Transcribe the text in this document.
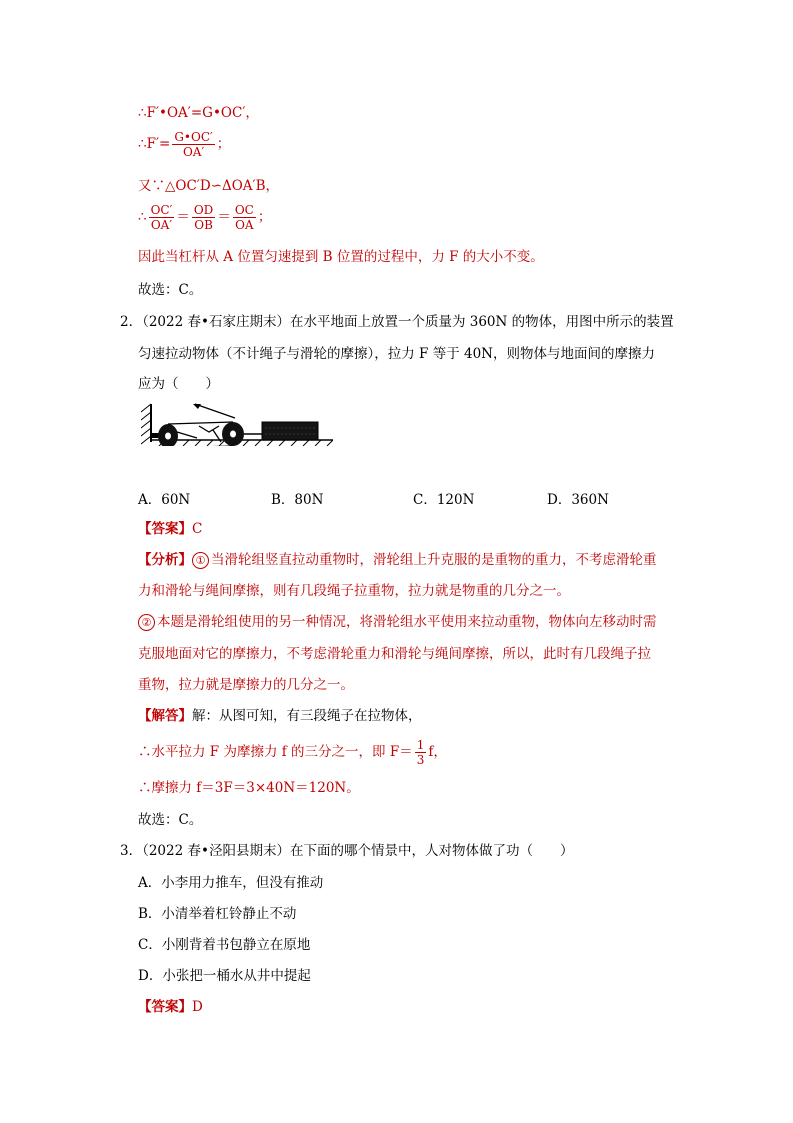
∴F′•OA′=G•OC′，
∴F′= $\frac{G•OC'}{OA'}$ ；
又∵△OC′D∽ΔOA′B，
∴ $\frac{OC'}{OA'} = \frac{OD}{OB} = \frac{OC}{OA}$ ；
因此当杠杆从 A 位置匀速提到 B 位置的过程中，力 F 的大小不变。
故选：C。
2．（2022 春•石家庄期末）在水平地面上放置一个质量为 360N 的物体，用图中所示的装置
匀速拉动物体（不计绳子与滑轮的摩擦），拉力 F 等于 40N，则物体与地面间的摩擦力
应为（　　）
A．60N	B．80N	C．120N	D．360N
【答案】C
【分析】 ① 当滑轮组竖直拉动重物时，滑轮组上升克服的是重物的重力，不考虑滑轮重
力和滑轮与绳间摩擦，则有几段绳子拉重物，拉力就是物重的几分之一。
② 本题是滑轮组使用的另一种情况，将滑轮组水平使用来拉动重物，物体向左移动时需
克服地面对它的摩擦力，不考虑滑轮重力和滑轮与绳间摩擦，所以，此时有几段绳子拉
重物，拉力就是摩擦力的几分之一。
【解答】解：从图可知，有三段绳子在拉物体，
∴水平拉力 F 为摩擦力 f 的三分之一，即 $F= \frac{1}{3}$ f，
∴摩擦力 f＝3F＝3×40N＝120N。
故选：C。
3．（2022 春•泾阳县期末）在下面的哪个情景中，人对物体做了功（　　）
A．小李用力推车，但没有推动
B．小清举着杠铃静止不动
C．小刚背着书包静立在原地
D．小张把一桶水从井中提起
【答案】D
